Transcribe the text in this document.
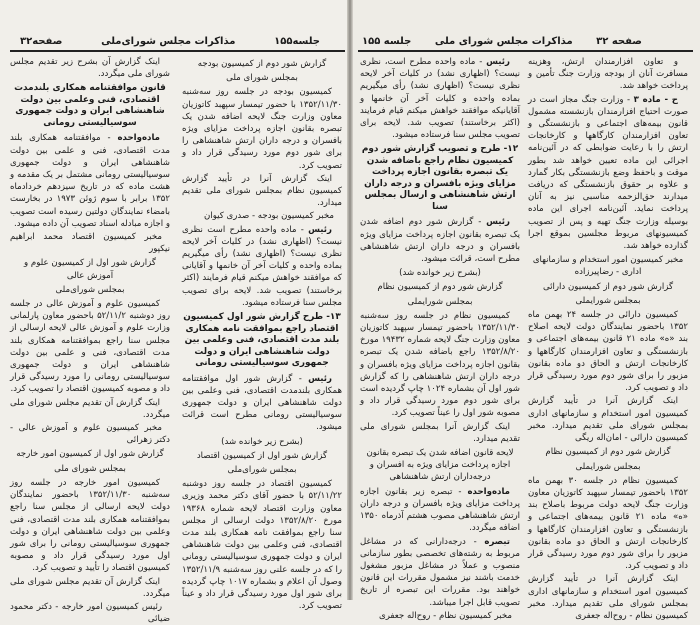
صفحه۳۲	مذاکرات مجلس شورای‌ملی	جلسه۱۵۵

اینک گزارش آن بشرح زیر تقدیم مجلس شورای ملی میگردد.

قانون موافقتنامه همکاری بلندمدت اقتصادی، فنی وعلمی بین دولت شاهنشاهی ایران و دولت جمهوری سوسیالیستی رومانی

ماده‌واحده - موافقتنامه همکاری بلند مدت اقتصادی، فنی و علمی بین دولت شاهنشاهی ایران و دولت جمهوری سوسیالیستی رومانی مشتمل بر یک مقدمه و هشت ماده که در تاریخ سیزدهم خردادماه ۱۳۵۲ برابر با سوم ژوئن ۱۹۷۳ در بخارست بامضاء نمایندگان دولتین رسیده است تصویب و اجازه مبادله اسناد تصویب آن داده میشود.

مخبر کمیسیون اقتصاد محمد ابراهیم نیکپور

گزارش شور اول از کمیسیون علوم و آموزش عالی

بمجلس شورای‌ملی

کمیسیون علوم و آموزش عالی در جلسه روز دوشنبه ۵۲/۱۱/۲ باحضور معاون پارلمانی وزارت علوم و آموزش عالی لایحه ارسالی از مجلس سنا راجع بموافقتنامه همکاری بلند مدت اقتصادی، فنی و علمی بین دولت شاهنشاهی ایران و دولت جمهوری سوسیالیستی رومانی را مورد رسیدگی قرار داد و مصوبه کمیسیون اقتصاد را تصویب کرد.

اینک گزارش آن تقدیم مجلس شورای ملی میگردد.

مخبر کمیسیون علوم و آموزش عالی - دکتر زهرائی

گزارش شور اول از کمیسیون امور خارجه

بمجلس شورای ملی

کمیسیون امور خارجه در جلسه روز سه‌شنبه ۱۳۵۲/۱۱/۳۰ باحضور نمایندگان دولت لایحه ارسالی از مجلس سنا راجع بموافقتنامه همکاری بلند مدت اقتصادی، فنی وعلمی بین دولت شاهنشاهی ایران و دولت جمهوری سوسیالیستی رومانی را برای شور اول مورد رسیدگی قرار داد و مصوبه کمیسیون اقتصاد را تأیید و تصویب کرد.

اینک گزارش آن تقدیم مجلس شورای ملی میگردد.

رئیس کمیسیون امور خارجه - دکتر محمود ضیائی

گزارش شور دوم از کمیسیون بودجه

بمجلس شورای ملی

کمیسیون بودجه در جلسه روز سه‌شنبه ۱۳۵۲/۱۱/۳۰ با حضور تیمسار سپهبد کاتوزیان معاون وزارت جنگ لایحه اضافه شدن یک تبصره بقانون اجازه پرداخت مزایای ویژه بافسران و درجه داران ارتش شاهنشاهی را برای شور دوم مورد رسیدگی قرار داد و تصویب کرد.

اینک گزارش آنرا در تأیید گزارش کمیسیون نظام بمجلس شورای ملی تقدیم میدارد.

مخبر کمیسیون بودجه - صدری کیوان

رئیس - ماده واحده مطرح است نظری نیست؟ (اظهاری نشد) در کلیات آخر لایحه نظری نیست؟ (اظهاری نشد) رأی میگیریم بماده واحده و کلیات آخر آن خانمها و آقایانی که موافقند خواهش میکنم قیام فرمایند (اکثر برخاستند) تصویب شد. لایحه برای تصویب مجلس سنا فرستاده میشود.

۱۳- طرح گزارش شور اول کمیسیون اقتصاد راجع بموافقت نامه همکاری بلند مدت اقتصادی، فنی وعلمی بین دولت شاهنشاهی ایران و دولت جمهوری سوسیالیستی رومانی

رئیس - گزارش شور اول موافقتنامه همکاری بلندمدت اقتصادی، فنی وعلمی بین دولت شاهنشاهی ایران و دولت جمهوری سوسیالیستی رومانی مطرح است قرائت میشود.

(بشرح زیر خوانده شد)

گزارش شور اول از کمیسیون اقتصاد

بمجلس شورای‌ملی

کمیسیون اقتصاد در جلسه روز دوشنبه ۵۲/۱۱/۲۲ با حضور آقای دکتر محمد وزیری معاون وزارت اقتصاد لایحه شماره ۱۹۳۶۸ مورخ ۱۳۵۲/۸/۲۰ دولت ارسالی از مجلس سنا راجع بموافقت نامه همکاری بلند مدت اقتصادی، فنی وعلمی بین دولت شاهنشاهی ایران و دولت جمهوری سوسیالیستی رومانی را که در جلسه علنی روز سه‌شنبه ۱۳۵۲/۱۱/۹ وصول آن اعلام و بشماره ۱۰۱۷ چاپ گردیده برای شور اول مورد رسیدگی قرار داد و عیناً تصویب کرد.

جلسه ۱۵۵ مذاکرات مجلس شورای ملی صفحه ۳۲

رئیس - ماده واحده مطرح است، نظری نیست؟ (اظهاری نشد) در کلیات آخر لایحه نظری نیست؟ (اظهاری نشد) رأی میگیریم بماده واحده و کلیات آخر آن خانمها و آقایانیکه موافقند خواهش میکنم قیام فرمایند (اکثر برخاستند) تصویب شد. لایحه برای تصویب مجلس سنا فرستاده میشود.

۱۲- طرح و تصویب گزارش شور دوم کمیسیون نظام راجع باضافه شدن یک تبصره بقانون اجازه پرداخت مزایای ویژه بافسران و درجه داران ارتش شاهنشاهی و ارسال بمجلس سنا

رئیس - گزارش شور دوم اضافه شدن یک تبصره بقانون اجازه پرداخت مزایای ویژه بافسران و درجه داران ارتش شاهنشاهی مطرح است، قرائت میشود.

(بشرح زیر خوانده شد)

گزارش شور دوم از کمیسیون نظام

بمجلس شورایملی

کمیسیون نظام در جلسه روز سه‌شنبه ۱۳۵۲/۱۱/۳۰ باحضور تیمسار سپهبد کاتوزیان معاون وزارت جنگ لایحه شماره ۱۹۴۳۲ مورخ ۱۳۵۲/۸/۲۰ راجع باضافه شدن یک تبصره بقانون اجازه پرداخت مزایای ویژه بافسران و درجه داران ارتش شاهنشاهی را که گزارش شور اول آن بشماره ۱۰۲۴ چاپ گردیده است برای شور دوم مورد رسیدگی قرار داد و مصوبه شور اول را عیناً تصویب کرد.

اینک گزارش آنرا بمجلس شورای ملی تقدیم میدارد.

لایحه قانون اضافه شدن یک تبصره بقانون اجازه پرداخت مزایای ویژه به افسران و درجه‌داران ارتش شاهنشاهی

ماده‌واحده - تبصره زیر بقانون اجازه پرداخت مزایای ویژه بافسران و درجه داران ارتش شاهنشاهی مصوب هشتم آذرماه ۱۳۵۰ اضافه میگردد.

تبصره - درجه‌دارانی که در مشاغل مربوط به رشته‌های تخصصی بطور سازمانی منصوب و عملاً در مشاغل مزبور مشغول خدمت باشند نیز مشمول مقررات این قانون خواهند بود. مقررات این تبصره از تاریخ تصویب قابل اجرا میباشد.

مخبر کمیسیون نظام - روح‌اله جعفری

و تعاون افزارمندان ارتش، وهزینه مسافرت آنان از بودجه وزارت جنگ تأمین و پرداخت خواهد شد.

ح - ماده ۳ - وزارت جنگ مجاز است در صورت احتیاج افزارمندان بازنشسته مشمول قانون بیمه‌های اجتماعی و بازنشستگی و تعاون افزارمندان کارگاهها و کارخانجات ارتش را با رعایت ضوابطی که در آئین‌نامه اجرائی این ماده تعیین خواهد شد بطور موقت و باحفظ وضع بازنشستگی بکار گمارد و علاوه بر حقوق بازنشستگی که دریافت میدارند حق‌الزحمه مناسبی نیز به آنان پرداخت نماید. آئین‌نامه اجرای این ماده بوسیله وزارت جنگ تهیه و پس از تصویب کمیسیونهای مربوط مجلسین بموقع اجرا گذارده خواهد شد.

مخبر کمیسیون امور استخدام و سازمانهای اداری - رضاپیرزاده

گزارش شور دوم از کمیسیون دارائی

بمجلس شورایملی

کمیسیون دارائی در جلسه ۲۴ بهمن ماه ۱۳۵۲ باحضور نمایندگان دولت لایحه اصلاح بند «ه» ماده ۲۱ قانون بیمه‌های اجتماعی و بازنشستگی و تعاون افزارمندان کارگاهها و کارخانجات ارتش و الحاق دو ماده بقانون مزبور را برای شور دوم مورد رسیدگی قرار داد و تصویب کرد.

اینک گزارش آنرا در تأیید گزارش کمیسیون امور استخدام و سازمانهای اداری بمجلس شورای ملی تقدیم میدارد. مخبر کمیسیون دارائی - امان‌اله ریگی

گزارش شور دوم از کمیسیون نظام

بمجلس شورایملی

کمیسیون نظام در جلسه ۳۰ بهمن ماه ۱۳۵۲ باحضور تیمسار سپهبد کاتوزیان معاون وزارت جنگ لایحه دولت مربوط باصلاح بند «ه» ماده ۲۱ قانون بیمه‌های اجتماعی و بازنشستگی و تعاون افزارمندان کارگاهها و کارخانجات ارتش و الحاق دو ماده بقانون مزبور را برای شور دوم مورد رسیدگی قرار داد و تصویب کرد.

اینک گزارش آنرا در تأیید گزارش کمیسیون امور استخدام و سازمانهای اداری بمجلس شورای ملی تقدیم میدارد. مخبر کمیسیون نظام - روح‌اله جعفری
